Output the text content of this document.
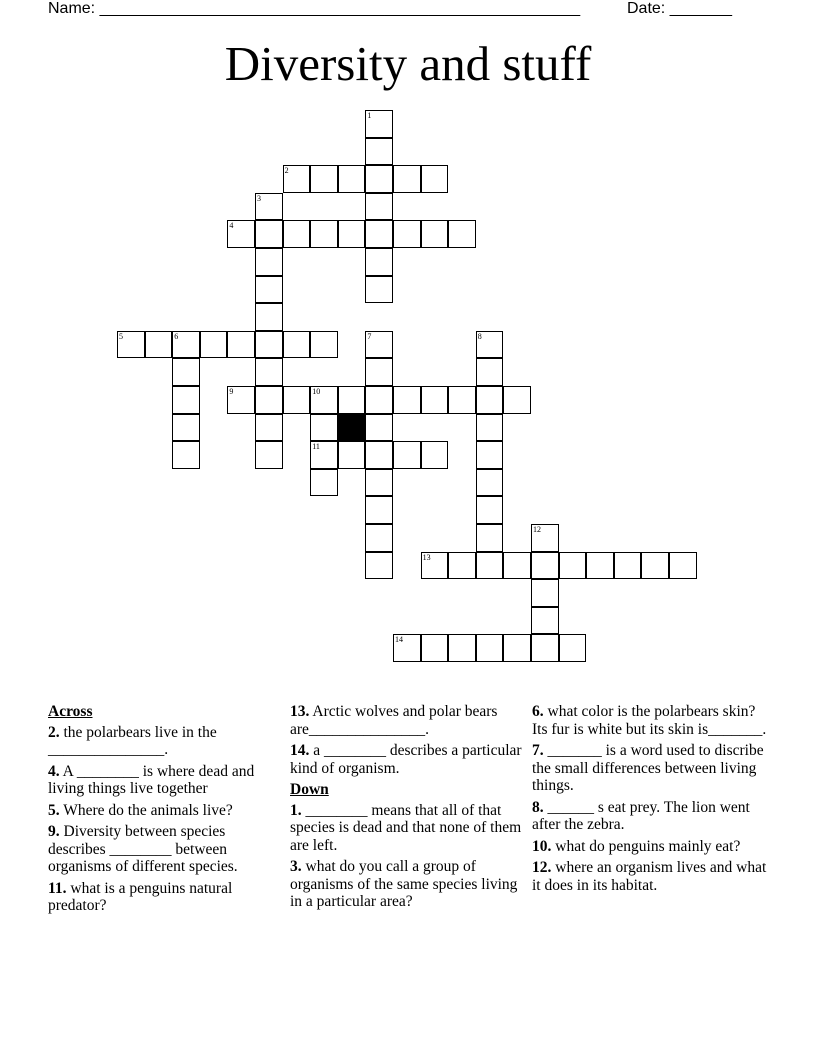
Name: ______________________________________________________	Date: _______
Diversity and stuff
1
2
3
4
5	6	7	8
9	10
11
12
13
14
Across
2. the polarbears live in the _______________.
4. A ________ is where dead and living things live together
5. Where do the animals live?
9. Diversity between species describes ________ between organisms of different species.
11. what is a penguins natural predator?
13. Arctic wolves and polar bears are_______________.
14. a ________ describes a particular kind of organism.
Down
1. ________ means that all of that species is dead and that none of them are left.
3. what do you call a group of organisms of the same species living in a particular area?
6. what color is the polarbears skin? Its fur is white but its skin is_______.
7. _______ is a word used to discribe the small differences between living things.
8. ______ s eat prey. The lion went after the zebra.
10. what do penguins mainly eat?
12. where an organism lives and what it does in its habitat.
